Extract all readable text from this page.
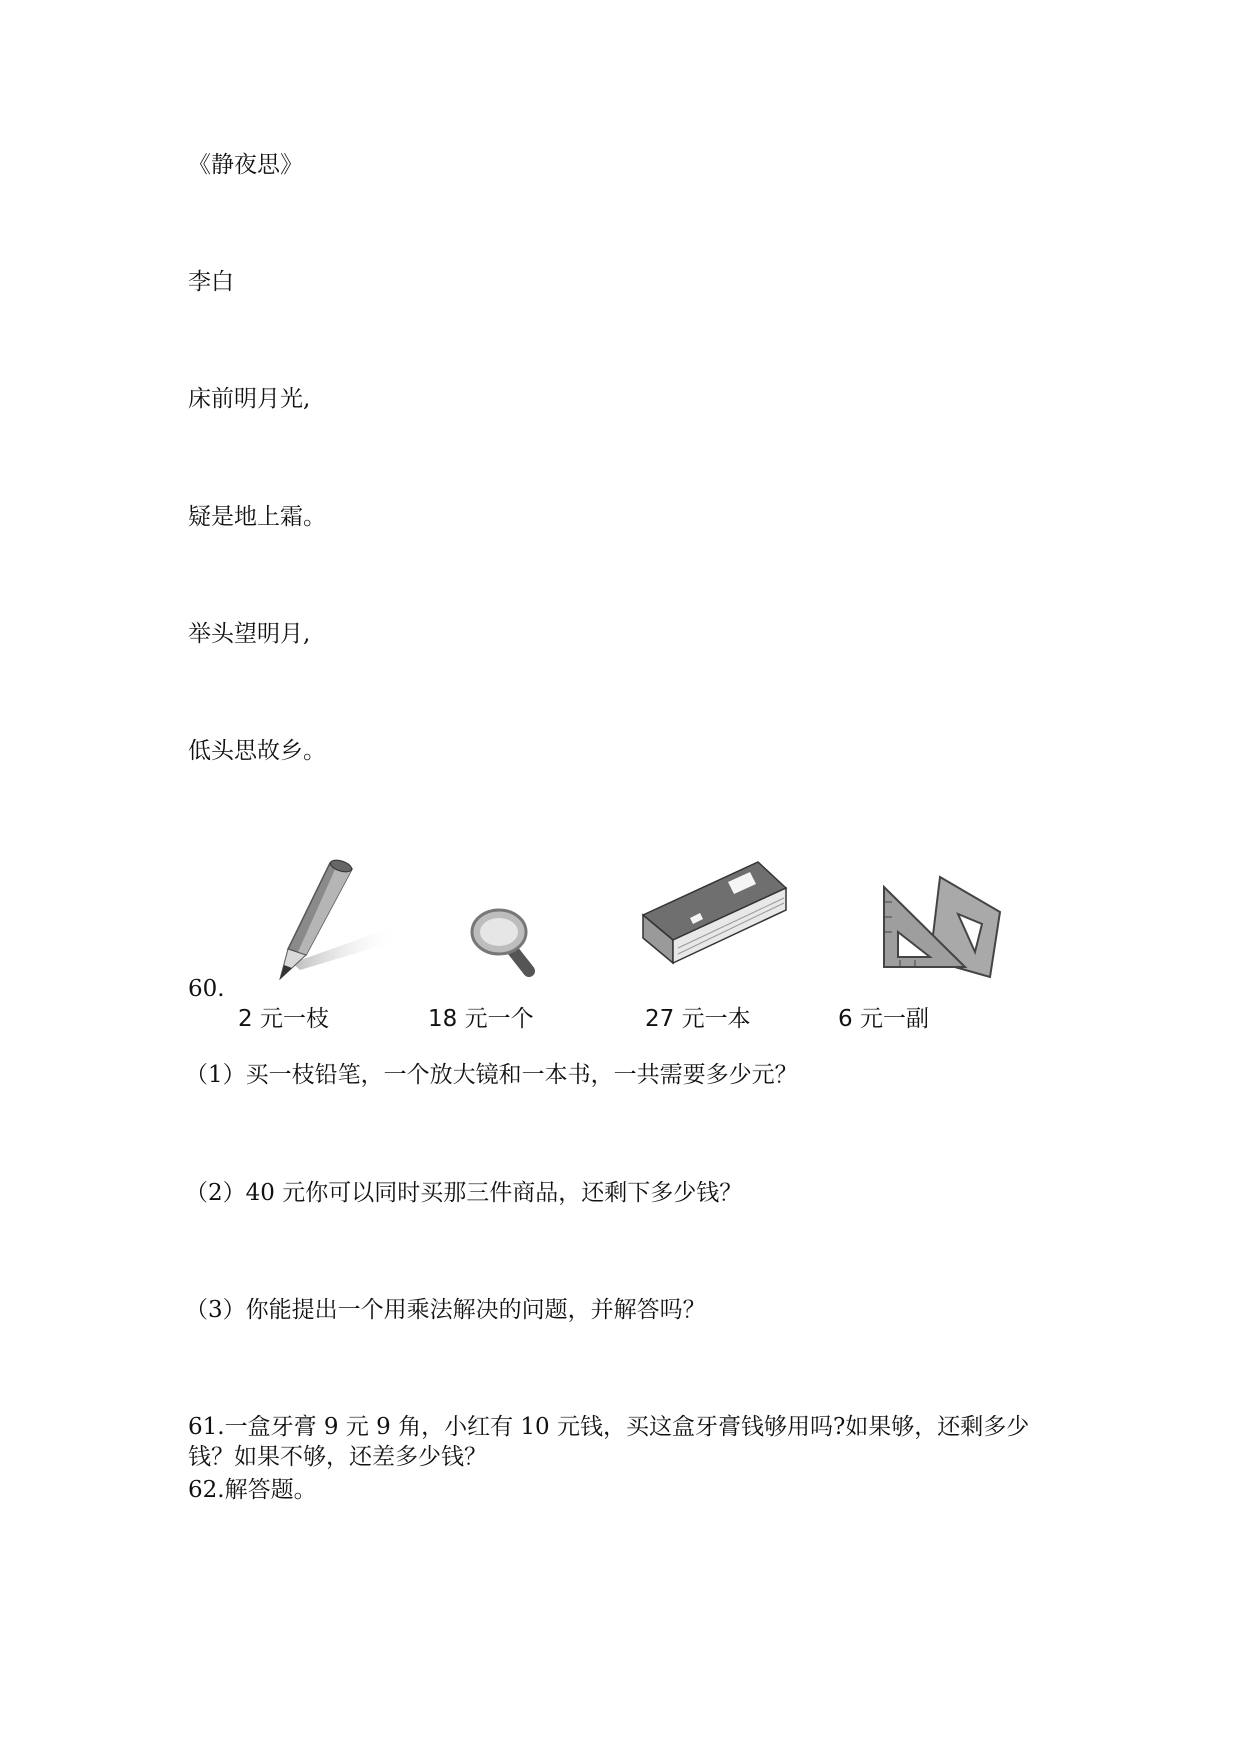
《静夜思》
李白
床前明月光,
疑是地上霜。
举头望明月,
低头思故乡。
60.
2 元一枝	18 元一个	27 元一本	6 元一副
（1）买一枝铅笔，一个放大镜和一本书，一共需要多少元？
（2）40 元你可以同时买那三件商品，还剩下多少钱？
（3）你能提出一个用乘法解决的问题，并解答吗？
61.一盒牙膏 9 元 9 角，小红有 10 元钱，买这盒牙膏钱够用吗?如果够，还剩多少钱？如果不够，还差多少钱？
62.解答题。
